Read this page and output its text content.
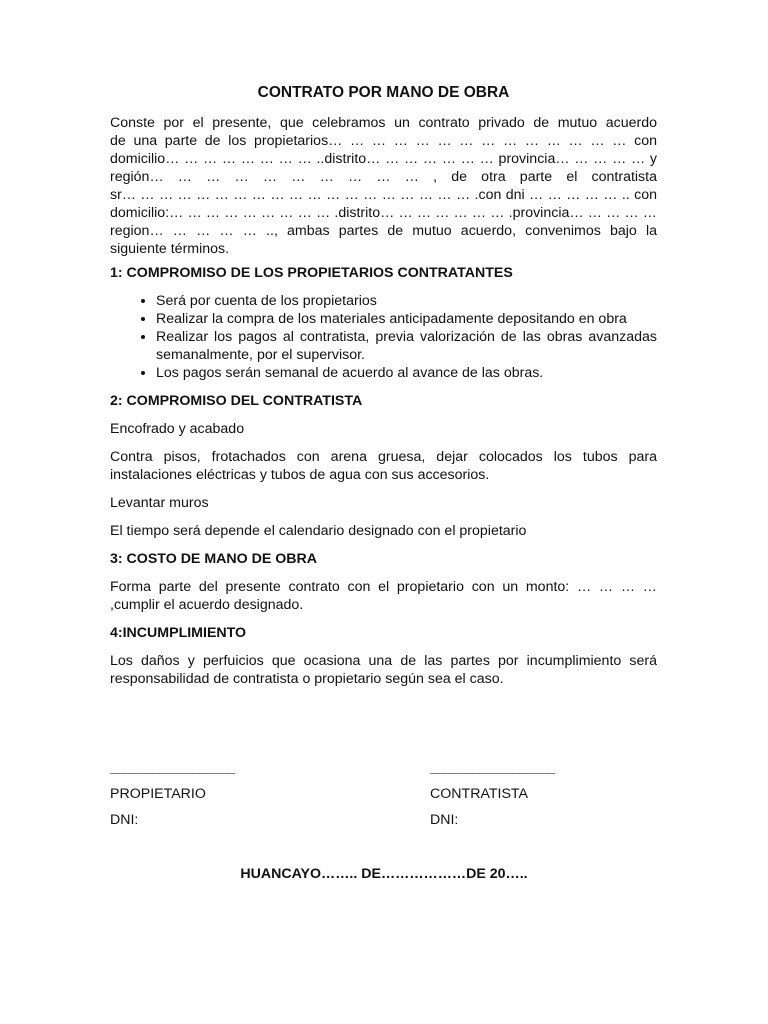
CONTRATO POR MANO DE OBRA
Conste por el presente, que celebramos un contrato privado de mutuo acuerdo
de una parte de los propietarios… … … … … … … … … … … … … … con
domicilio… … … … … … … … ..distrito… … … … … … … provincia… … … … … y
región… … … … … … … … … … , de otra parte el contratista
sr… … … … … … … … … … … … … … … … … … … .con dni … … … … … .. con
domicilio:… … … … … … … … … .distrito… … … … … … … .provincia… … … … …
region… … … … … .., ambas partes de mutuo acuerdo, convenimos bajo la
siguiente términos.
1: COMPROMISO DE LOS PROPIETARIOS CONTRATANTES
• Será por cuenta de los propietarios
• Realizar la compra de los materiales anticipadamente depositando en obra
• Realizar los pagos al contratista, previa valorización de las obras avanzadas semanalmente, por el supervisor.
• Los pagos serán semanal de acuerdo al avance de las obras.
2: COMPROMISO DEL CONTRATISTA

Encofrado y acabado

Contra pisos, frotachados con arena gruesa, dejar colocados los tubos para instalaciones eléctricas y tubos de agua con sus accesorios.

Levantar muros

El tiempo será depende el calendario designado con el propietario

3: COSTO DE MANO DE OBRA

Forma parte del presente contrato con el propietario con un monto: … … … … ,cumplir el acuerdo designado.

4:INCUMPLIMIENTO

Los daños y perfuicios que ocasiona una de las partes por incumplimiento será responsabilidad de contratista o propietario según sea el caso.

__________________
PROPIETARIO
DNI:
__________________
CONTRATISTA
DNI:
HUANCAYO…….. DE………………DE 20…..
